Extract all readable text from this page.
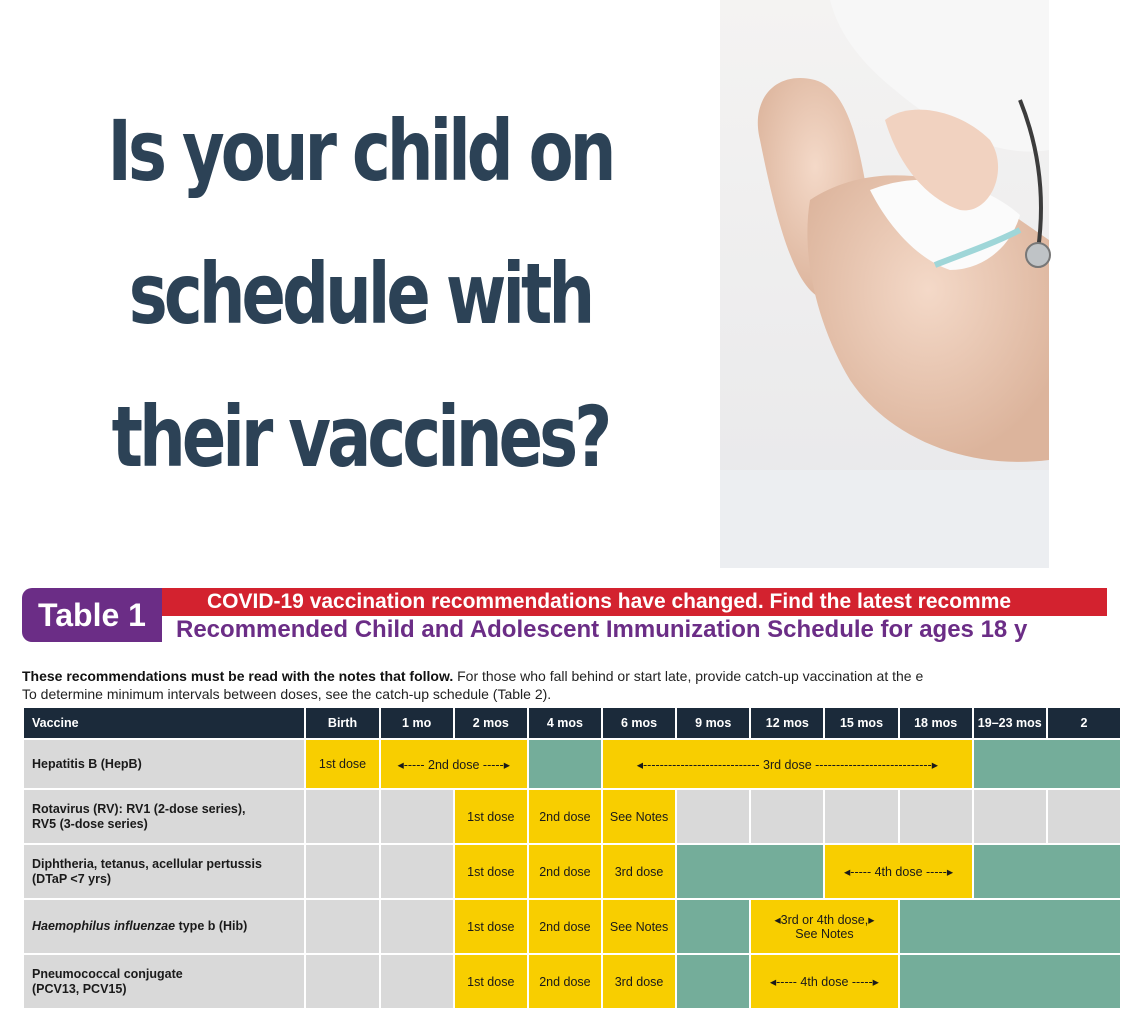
Is your child on
schedule with
their vaccines?
Table 1	COVID-19 vaccination recommendations have changed. Find the latest recomme
Recommended Child and Adolescent Immunization Schedule for ages 18 y
These recommendations must be read with the notes that follow. For those who fall behind or start late, provide catch-up vaccination at the e
To determine minimum intervals between doses, see the catch-up schedule (Table 2).
Vaccine	Birth	1 mo	2 mos	4 mos	6 mos	9 mos	12 mos	15 mos	18 mos	19–23 mos	2
Hepatitis B (HepB)	1st dose	◂----- 2nd dose -----▸			◂---------------------------- 3rd dose ----------------------------▸						
Rotavirus (RV): RV1 (2-dose series),
RV5 (3-dose series)			1st dose	2nd dose	See Notes						
Diphtheria, tetanus, acellular pertussis
(DTaP <7 yrs)			1st dose	2nd dose	3rd dose			◂----- 4th dose -----▸			
Haemophilus influenzae type b (Hib)			1st dose	2nd dose	See Notes		◂3rd or 4th dose,▸
See Notes				
Pneumococcal conjugate
(PCV13, PCV15)			1st dose	2nd dose	3rd dose		◂----- 4th dose -----▸				
